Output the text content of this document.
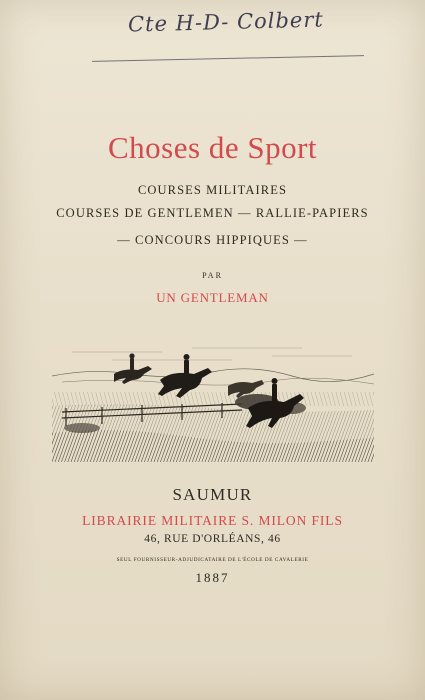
Cte H-D- Colbert
Choses de Sport
COURSES MILITAIRES
COURSES DE GENTLEMEN — RALLIE-PAPIERS
— CONCOURS HIPPIQUES —
PAR
UN GENTLEMAN
SAUMUR
LIBRAIRIE MILITAIRE S. MILON FILS
46, RUE D'ORLÉANS, 46
SEUL FOURNISSEUR-ADJUDICATAIRE DE L'ÉCOLE DE CAVALERIE
1887
